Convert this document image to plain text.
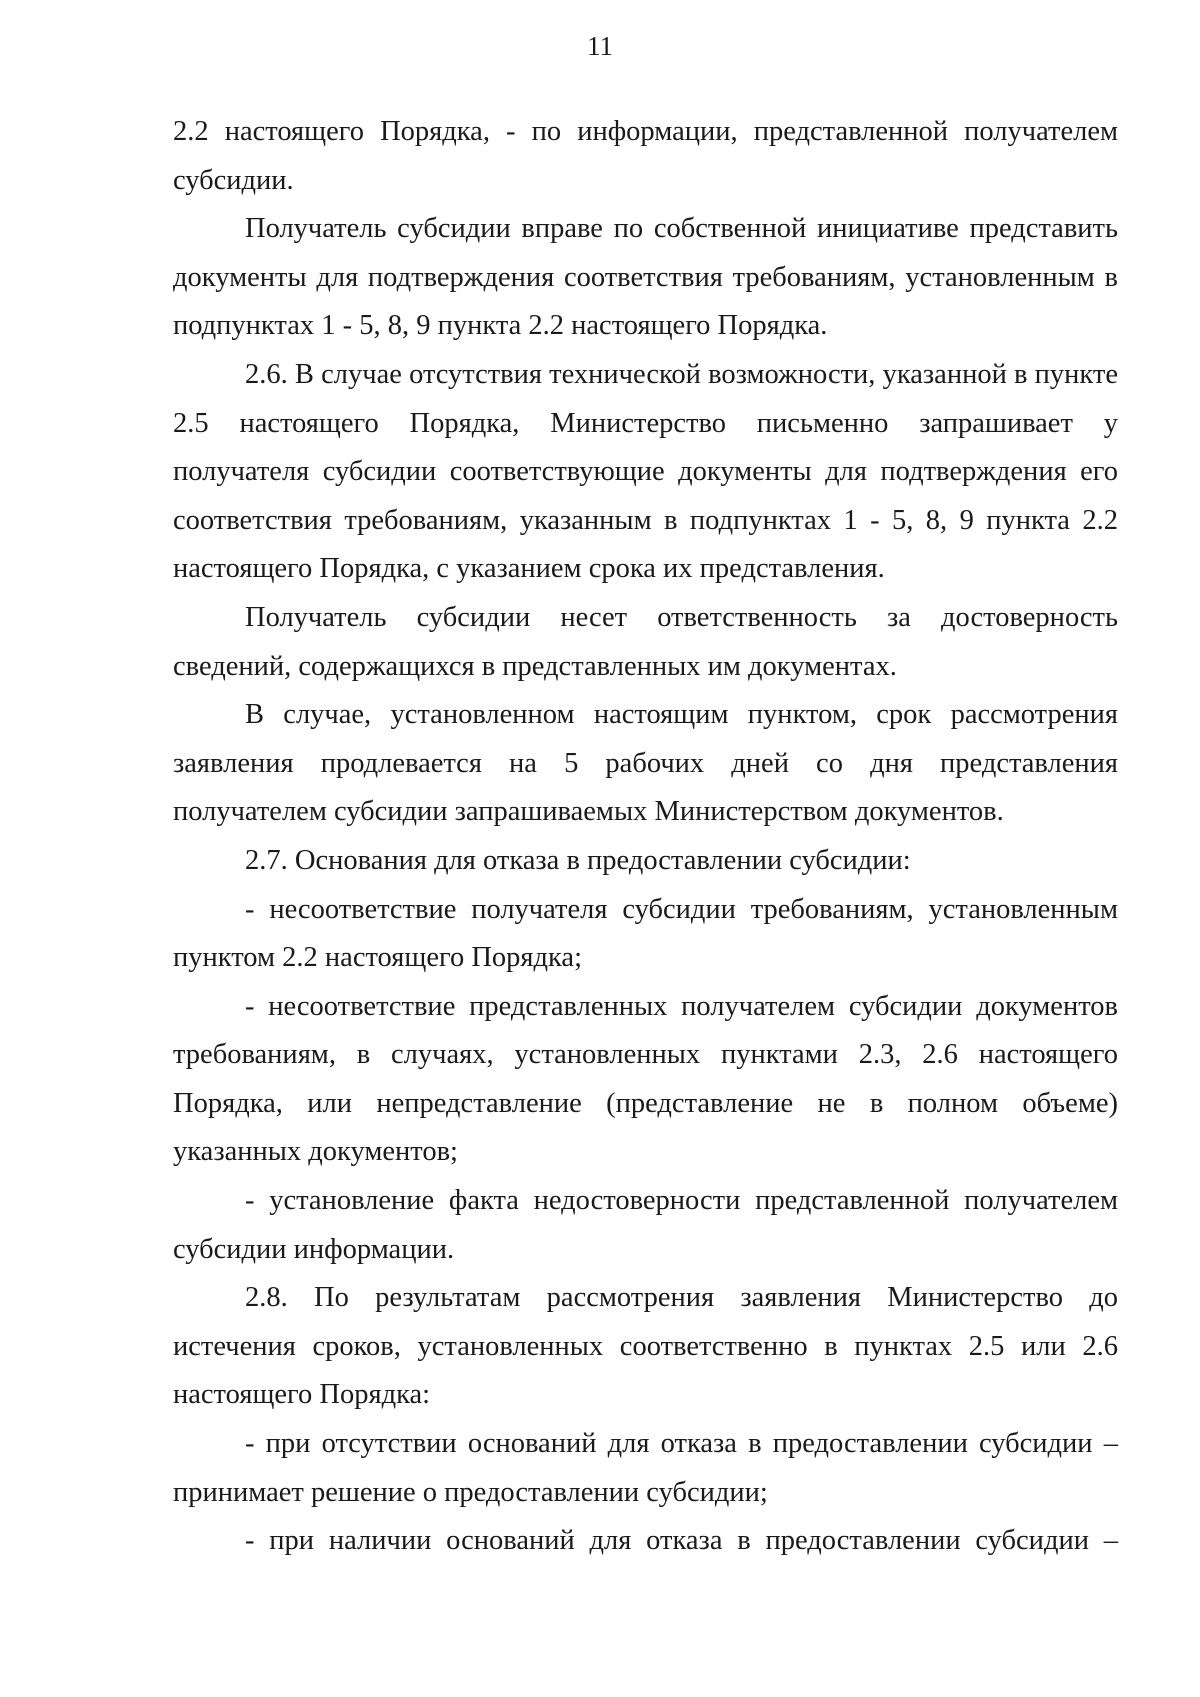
11

2.2 настоящего Порядка, - по информации, представленной получателем субсидии.

Получатель субсидии вправе по собственной инициативе представить документы для подтверждения соответствия требованиям, установленным в подпунктах 1 - 5, 8, 9 пункта 2.2 настоящего Порядка.

2.6. В случае отсутствия технической возможности, указанной в пункте 2.5 настоящего Порядка, Министерство письменно запрашивает у получателя субсидии соответствующие документы для подтверждения его соответствия требованиям, указанным в подпунктах 1 - 5, 8, 9 пункта 2.2 настоящего Порядка, с указанием срока их представления.

Получатель субсидии несет ответственность за достоверность сведений, содержащихся в представленных им документах.

В случае, установленном настоящим пунктом, срок рассмотрения заявления продлевается на 5 рабочих дней со дня представления получателем субсидии запрашиваемых Министерством документов.

2.7. Основания для отказа в предоставлении субсидии:

- несоответствие получателя субсидии требованиям, установленным пунктом 2.2 настоящего Порядка;

- несоответствие представленных получателем субсидии документов требованиям, в случаях, установленных пунктами 2.3, 2.6 настоящего Порядка, или непредставление (представление не в полном объеме) указанных документов;

- установление факта недостоверности представленной получателем субсидии информации.

2.8. По результатам рассмотрения заявления Министерство до истечения сроков, установленных соответственно в пунктах 2.5 или 2.6 настоящего Порядка:

- при отсутствии оснований для отказа в предоставлении субсидии – принимает решение о предоставлении субсидии;

- при наличии оснований для отказа в предоставлении субсидии –
